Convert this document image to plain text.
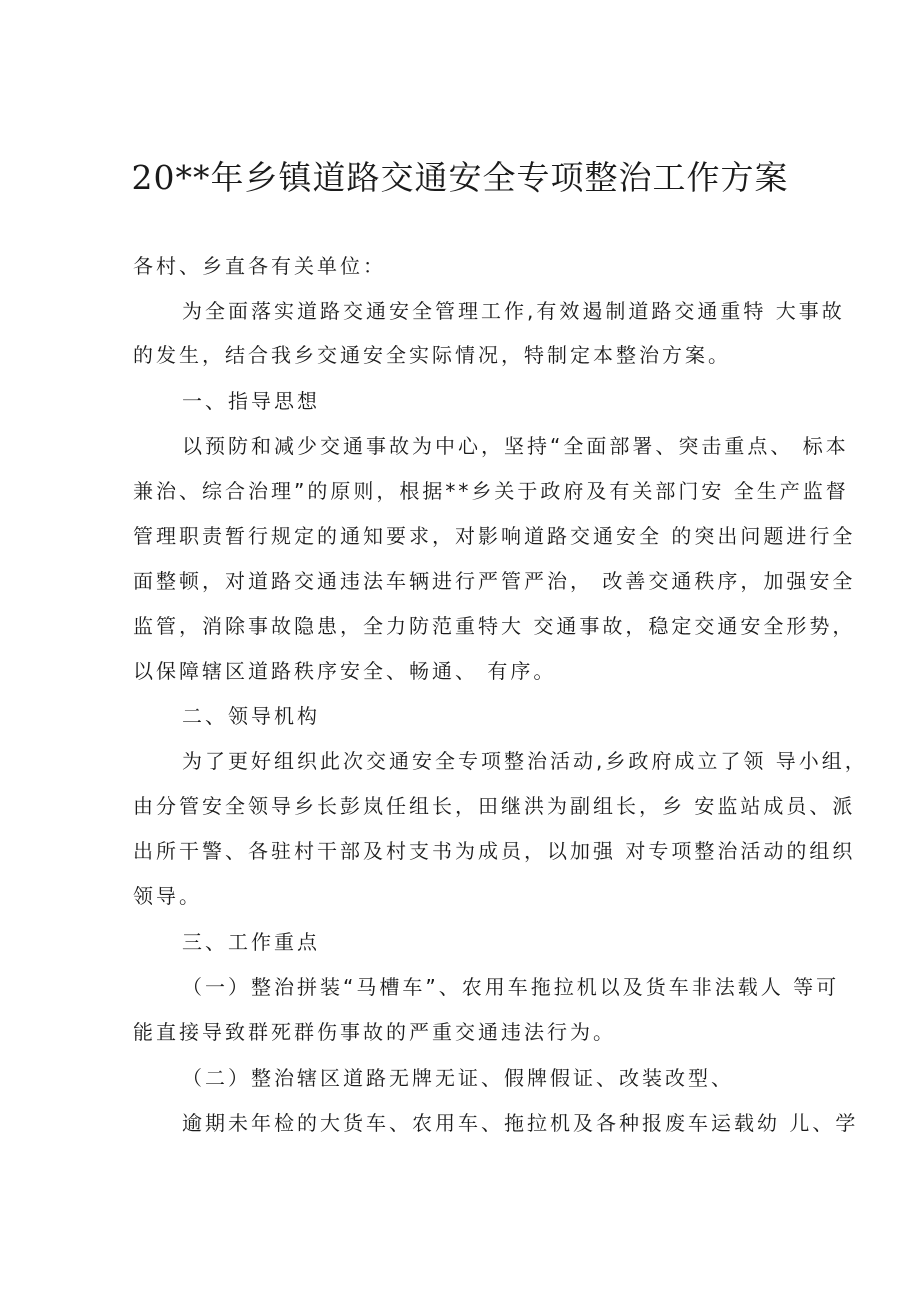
20**年乡镇道路交通安全专项整治工作方案
各村、乡直各有关单位：
为全面落实道路交通安全管理工作,有效遏制道路交通重特 大事故
的发生，结合我乡交通安全实际情况，特制定本整治方案。
一、指导思想
以预防和减少交通事故为中心，坚持“全面部署、突击重点、 标本
兼治、综合治理”的原则，根据**乡关于政府及有关部门安 全生产监督
管理职责暂行规定的通知要求，对影响道路交通安全 的突出问题进行全
面整顿，对道路交通违法车辆进行严管严治， 改善交通秩序，加强安全
监管，消除事故隐患，全力防范重特大 交通事故，稳定交通安全形势，
以保障辖区道路秩序安全、畅通、 有序。
二、领导机构
为了更好组织此次交通安全专项整治活动,乡政府成立了领 导小组，
由分管安全领导乡长彭岚任组长，田继洪为副组长，乡 安监站成员、派
出所干警、各驻村干部及村支书为成员，以加强 对专项整治活动的组织
领导。
三、工作重点
（一）整治拼装“马槽车”、农用车拖拉机以及货车非法载人 等可
能直接导致群死群伤事故的严重交通违法行为。
（二）整治辖区道路无牌无证、假牌假证、改装改型、
逾期未年检的大货车、农用车、拖拉机及各种报废车运载幼 儿、学
